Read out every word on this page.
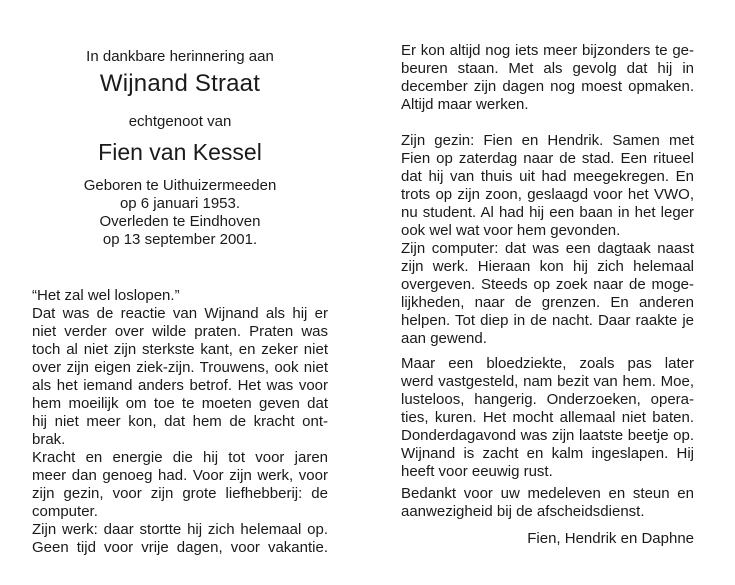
In dankbare herinnering aan
Wijnand Straat
echtgenoot van
Fien van Kessel
Geboren te Uithuizermeeden
op 6 januari 1953.
Overleden te Eindhoven
op 13 september 2001.
“Het zal wel loslopen.”
Dat was de reactie van Wijnand als hij er
niet verder over wilde praten. Praten was
toch al niet zijn sterkste kant, en zeker niet
over zijn eigen ziek-zijn. Trouwens, ook niet
als het iemand anders betrof. Het was voor
hem moeilijk om toe te moeten geven dat
hij niet meer kon, dat hem de kracht ont-
brak.
Kracht en energie die hij tot voor jaren
meer dan genoeg had. Voor zijn werk, voor
zijn gezin, voor zijn grote liefhebberij: de
computer.
Zijn werk: daar stortte hij zich helemaal op.
Geen tijd voor vrije dagen, voor vakantie.
Er kon altijd nog iets meer bijzonders te ge-
beuren staan. Met als gevolg dat hij in
december zijn dagen nog moest opmaken.
Altijd maar werken.
Zijn gezin: Fien en Hendrik. Samen met
Fien op zaterdag naar de stad. Een ritueel
dat hij van thuis uit had meegekregen. En
trots op zijn zoon, geslaagd voor het VWO,
nu student. Al had hij een baan in het leger
ook wel wat voor hem gevonden.
Zijn computer: dat was een dagtaak naast
zijn werk. Hieraan kon hij zich helemaal
overgeven. Steeds op zoek naar de moge-
lijkheden, naar de grenzen. En anderen
helpen. Tot diep in de nacht. Daar raakte je
aan gewend.
Maar een bloedziekte, zoals pas later
werd vastgesteld, nam bezit van hem. Moe,
lusteloos, hangerig. Onderzoeken, opera-
ties, kuren. Het mocht allemaal niet baten.
Donderdagavond was zijn laatste beetje op.
Wijnand is zacht en kalm ingeslapen. Hij
heeft voor eeuwig rust.
Bedankt voor uw medeleven en steun en
aanwezigheid bij de afscheidsdienst.
Fien, Hendrik en Daphne
